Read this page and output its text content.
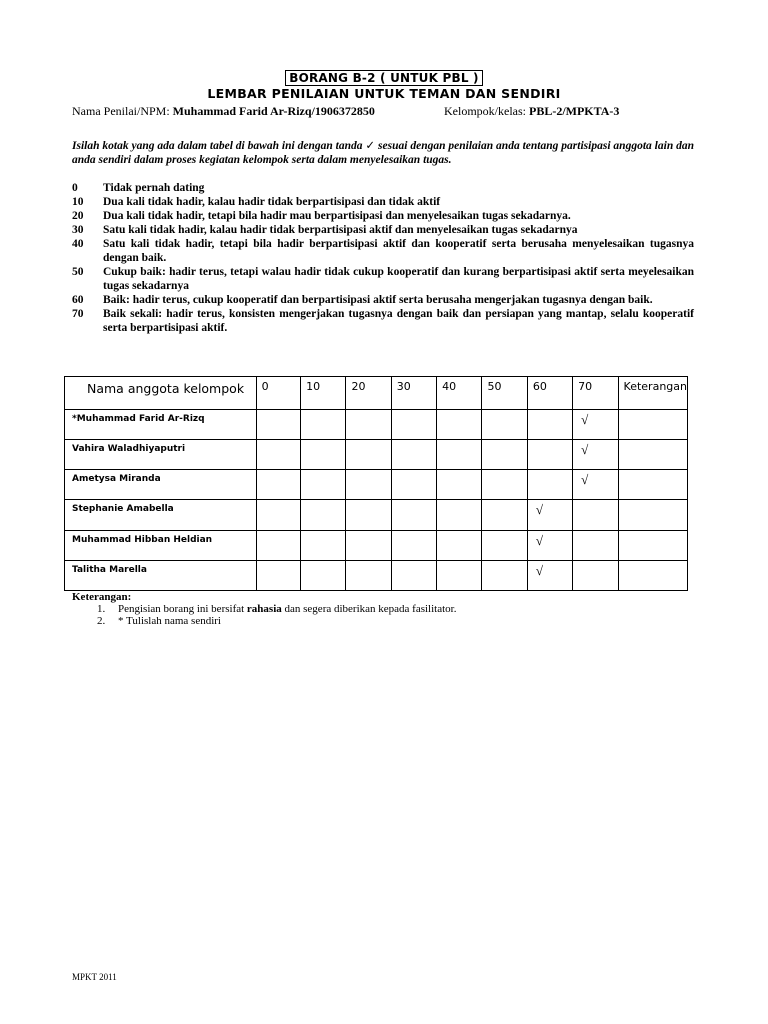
BORANG B-2 ( UNTUK PBL )
LEMBAR PENILAIAN UNTUK TEMAN DAN SENDIRI
Nama Penilai/NPM: Muhammad Farid Ar-Rizq/1906372850	Kelompok/kelas: PBL-2/MPKTA-3
Isilah kotak yang ada dalam tabel di bawah ini dengan tanda ✓ sesuai dengan penilaian anda tentang partisipasi anggota lain dan anda sendiri dalam proses kegiatan kelompok serta dalam menyelesaikan tugas.
0	Tidak pernah dating
10	Dua kali tidak hadir, kalau hadir tidak berpartisipasi dan tidak aktif
20	Dua kali tidak hadir, tetapi bila hadir mau berpartisipasi dan menyelesaikan tugas sekadarnya.
30	Satu kali tidak hadir, kalau hadir tidak berpartisipasi aktif dan menyelesaikan tugas sekadarnya
40	Satu kali tidak hadir, tetapi bila hadir berpartisipasi aktif dan kooperatif serta berusaha menyelesaikan tugasnya dengan baik.
50	Cukup baik: hadir terus, tetapi walau hadir tidak cukup kooperatif dan kurang berpartisipasi aktif serta meyelesaikan tugas sekadarnya
60	Baik: hadir terus, cukup kooperatif dan berpartisipasi aktif serta berusaha mengerjakan tugasnya dengan baik.
70	Baik sekali: hadir terus, konsisten mengerjakan tugasnya dengan baik dan persiapan yang mantap, selalu kooperatif serta berpartisipasi aktif.
Nama anggota kelompok	0	10	20	30	40	50	60	70	Keterangan
*Muhammad Farid Ar-Rizq								√	
Vahira Waladhiyaputri								√	
Ametysa Miranda								√	
Stephanie Amabella							√		
Muhammad Hibban Heldian							√		
Talitha Marella							√		
Keterangan:
1.	Pengisian borang ini bersifat rahasia dan segera diberikan kepada fasilitator.
2.	* Tulislah nama sendiri
MPKT 2011
